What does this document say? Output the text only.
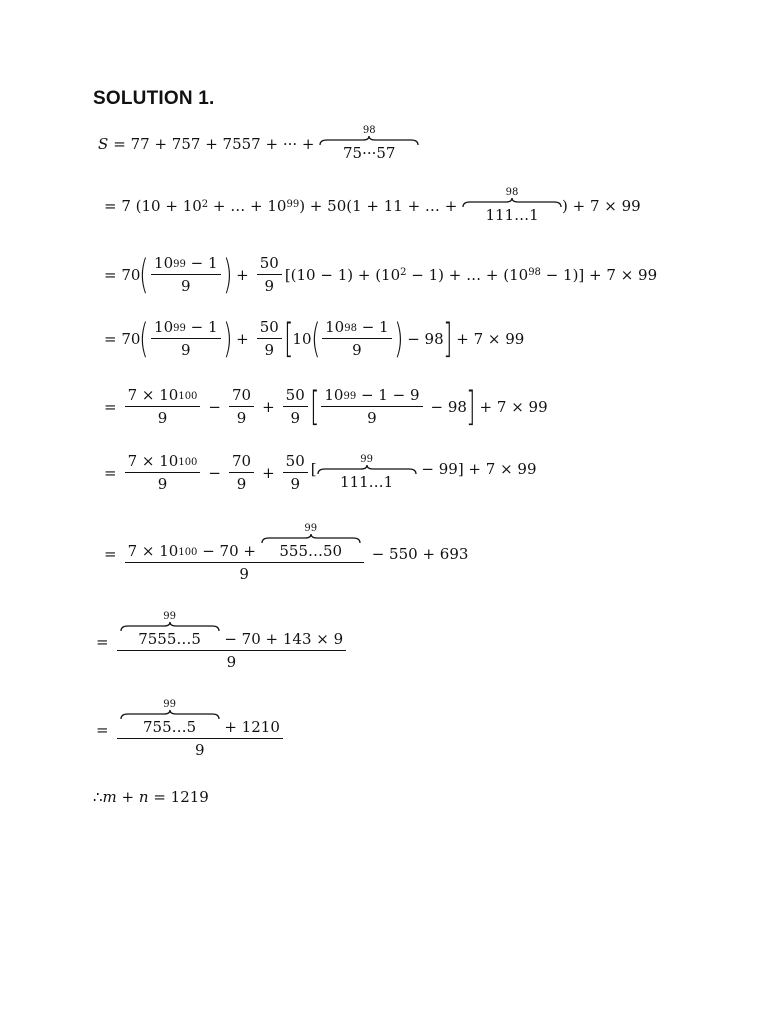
SOLUTION 1.
S = 77 + 757 + 7557 + ··· +
98
75···57
= 7 ($10 + 10^2$ + … + $10^{99}$ ) + 50(1 + 11 + … +
98
111…1 ) + 7 × 99
= 70 ( $\frac{10^{99} - 1}{9}$ ) + $\frac{50}{9} [(10 - 1) + (10^2 - 1)$ + … + $(10^{98} - 1)] + 7 \times 99$
= 70 ( $\frac{10^{99} - 1}{9}$ ) + $\frac{50}{9}$ [ 10 ( $\frac{10^{98} - 1}{9}$ ) − 98 ] + 7 × 99
= $\frac{7 \times 10^{100}}{9} - \frac{70}{9} + \frac{50}{9}$ [ $\frac{10^{99} - 1 - 9}{9} - 98$ ] + 7 × 99
= $\frac{7 \times 10^{100}}{9} - \frac{70}{9} + \frac{50}{9}$ [
99
111…1
− 99] + 7 × 99
= $7 \times 10^{100} - 70$ +
99
555…50
9
− 550 + 693
= 99
7555…5 − 70 + 143 × 9
9
= 99
755…5 + 1210
9
∴ m + n = 1219
